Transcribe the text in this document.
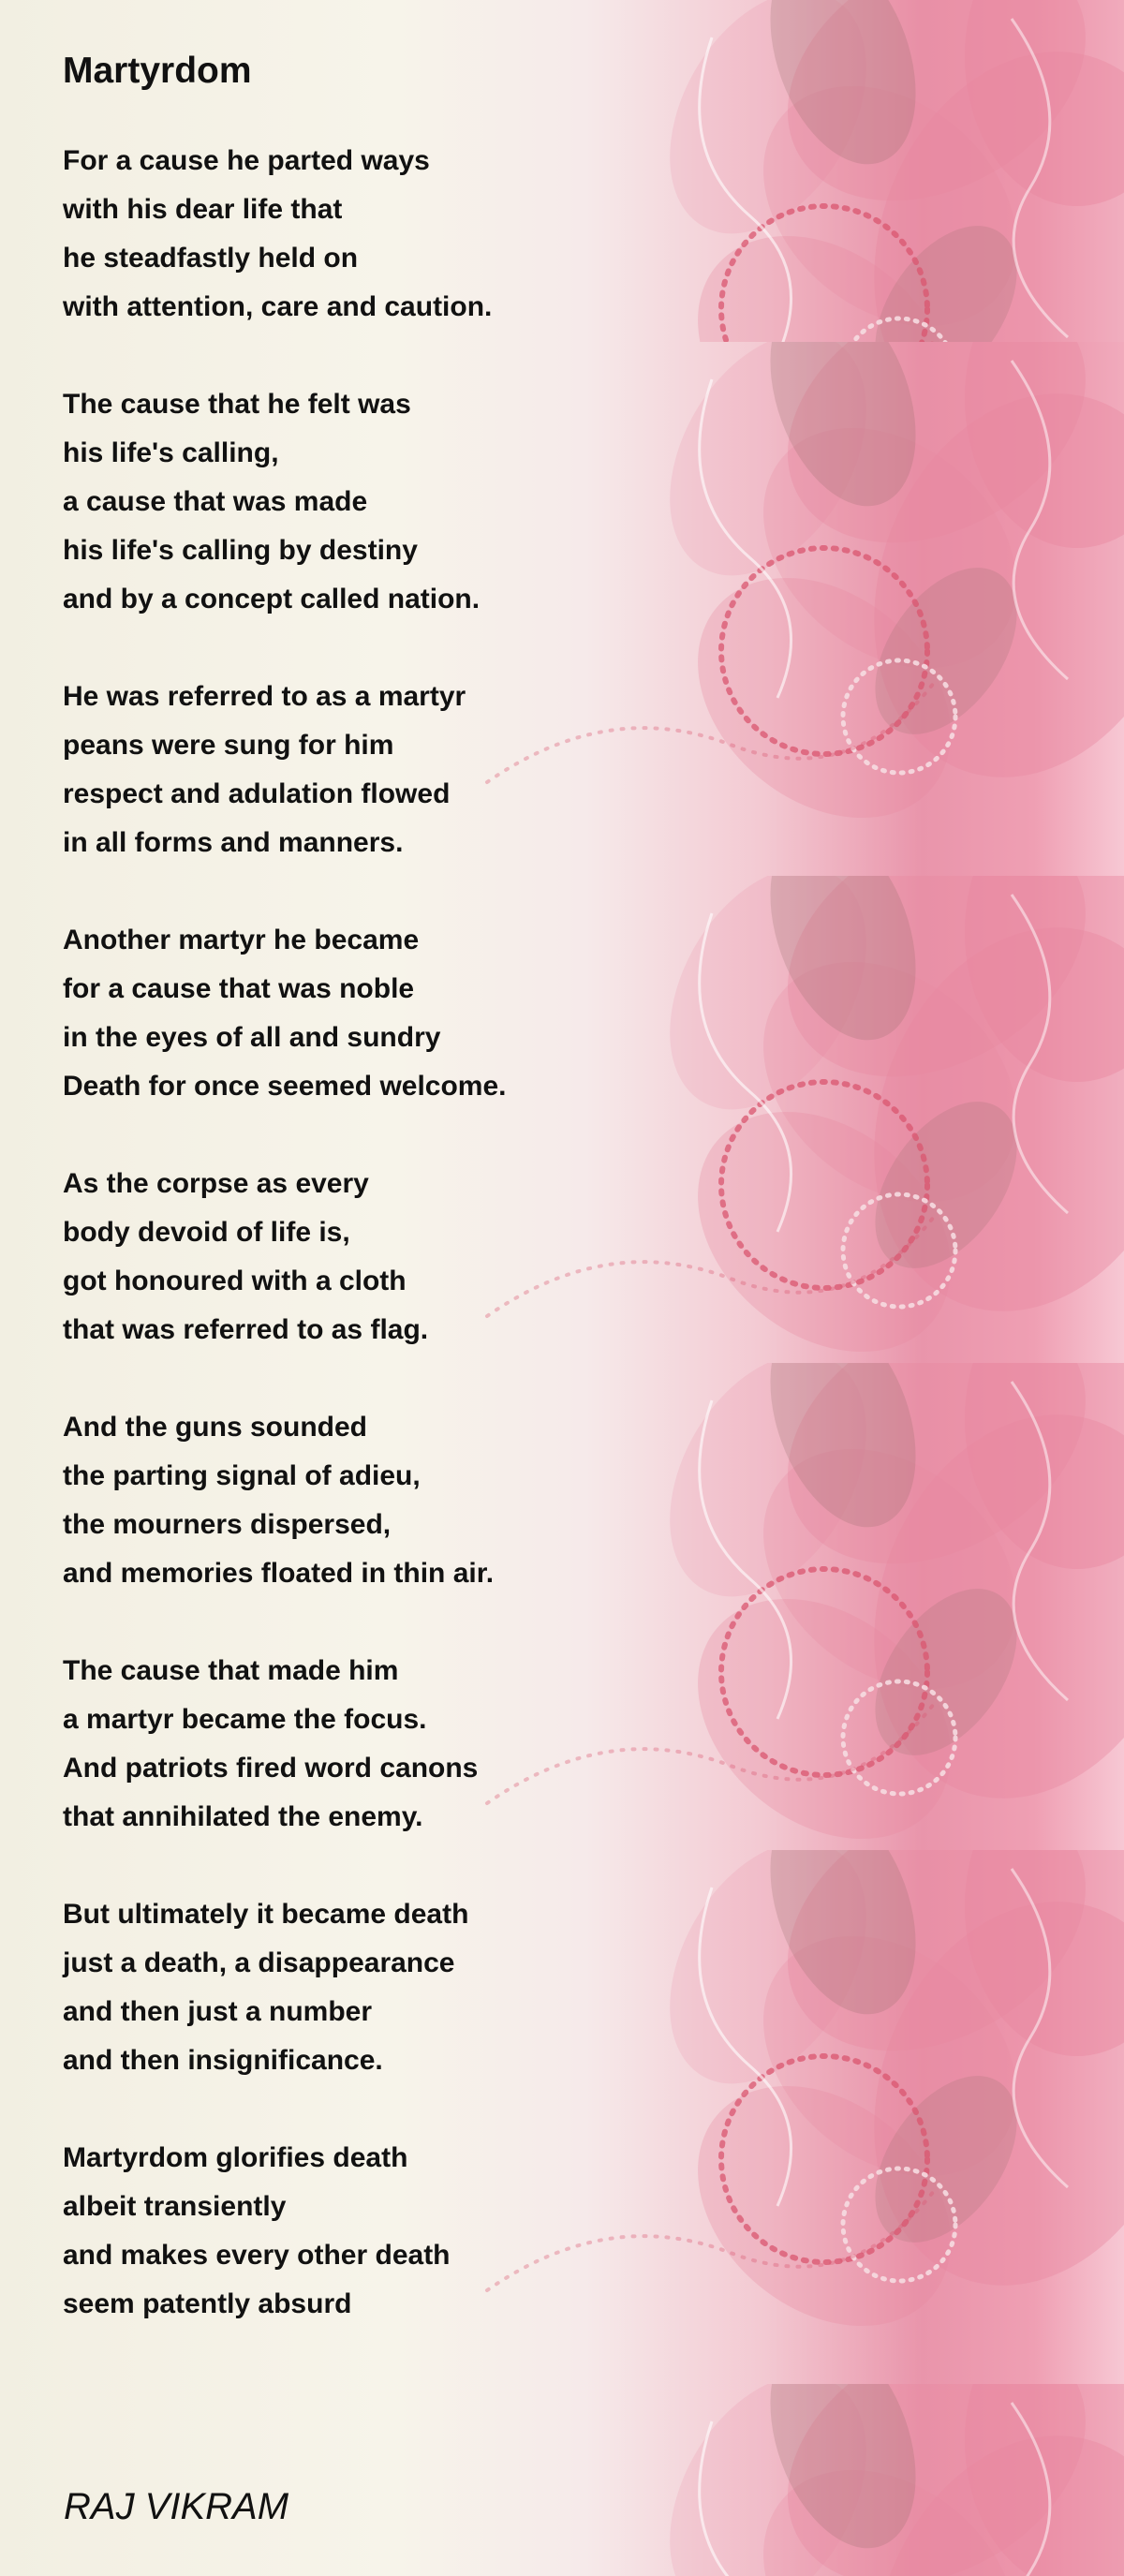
Martyrdom
For a cause he parted ways
with his dear life that
he steadfastly held on
with attention, care and caution.
The cause that he felt was
his life's calling,
a cause that was made
his life's calling by destiny
and by a concept called nation.
He was referred to as a martyr
peans were sung for him
respect and adulation flowed
in all forms and manners.
Another martyr he became
for a cause that was noble
in the eyes of all and sundry
Death for once seemed welcome.
As the corpse as every
body devoid of life is,
got honoured with a cloth
that was referred to as flag.
And the guns sounded
the parting signal of adieu,
the mourners dispersed,
and memories floated in thin air.
The cause that made him
a martyr became the focus.
And patriots fired word canons
that annihilated the enemy.
But ultimately it became death
just a death, a disappearance
and then just a number
and then insignificance.
Martyrdom glorifies death
albeit transiently
and makes every other death
seem patently absurd
RAJ VIKRAM
